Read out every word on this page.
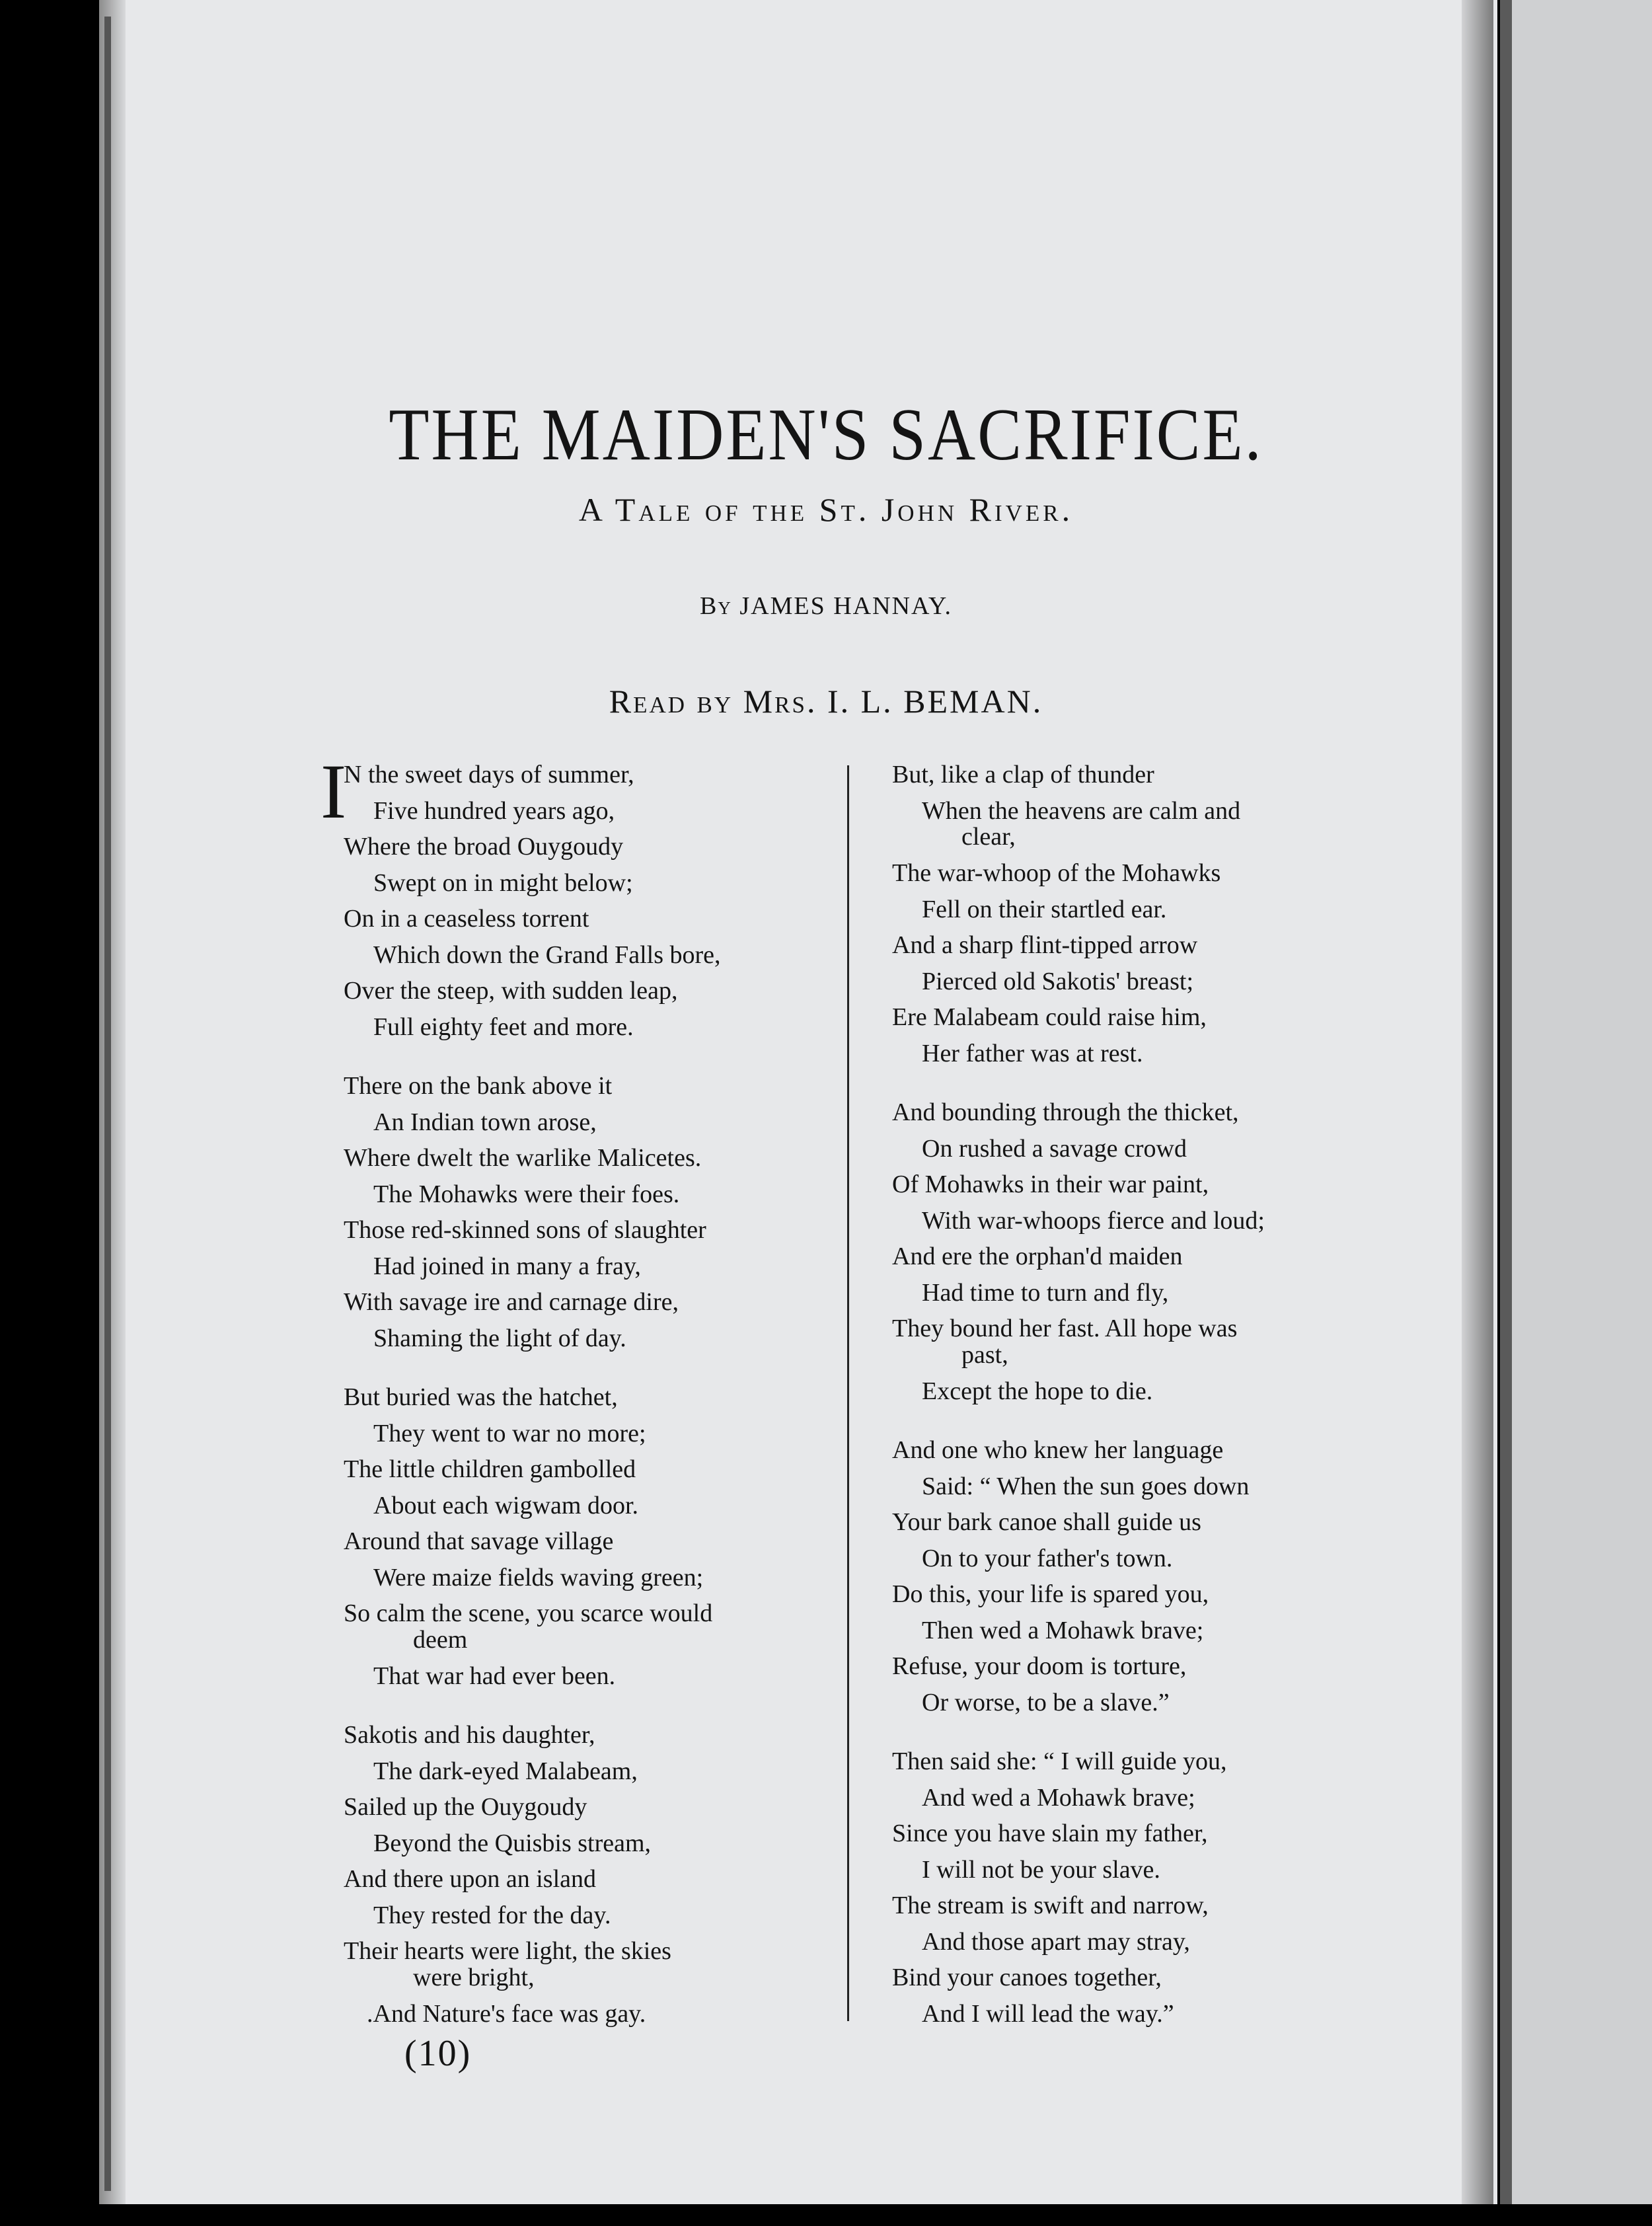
THE MAIDEN'S SACRIFICE.
A Tale of the St. John River.
By JAMES HANNAY.
Read by Mrs. I. L. BEMAN.
I
N the sweet days of summer,
Five hundred years ago,
Where the broad Ouygoudy
Swept on in might below;
On in a ceaseless torrent
Which down the Grand Falls bore,
Over the steep, with sudden leap,
Full eighty feet and more.
There on the bank above it
An Indian town arose,
Where dwelt the warlike Malicetes.
The Mohawks were their foes.
Those red-skinned sons of slaughter
Had joined in many a fray,
With savage ire and carnage dire,
Shaming the light of day.
But buried was the hatchet,
They went to war no more;
The little children gambolled
About each wigwam door.
Around that savage village
Were maize fields waving green;
So calm the scene, you scarce would
deem
That war had ever been.
Sakotis and his daughter,
The dark-eyed Malabeam,
Sailed up the Ouygoudy
Beyond the Quisbis stream,
And there upon an island
They rested for the day.
Their hearts were light, the skies
were bright,
.And Nature's face was gay.
But, like a clap of thunder
When the heavens are calm and
clear,
The war-whoop of the Mohawks
Fell on their startled ear.
And a sharp flint-tipped arrow
Pierced old Sakotis' breast;
Ere Malabeam could raise him,
Her father was at rest.
And bounding through the thicket,
On rushed a savage crowd
Of Mohawks in their war paint,
With war-whoops fierce and loud;
And ere the orphan'd maiden
Had time to turn and fly,
They bound her fast. All hope was
past,
Except the hope to die.
And one who knew her language
Said: “ When the sun goes down
Your bark canoe shall guide us
On to your father's town.
Do this, your life is spared you,
Then wed a Mohawk brave;
Refuse, your doom is torture,
Or worse, to be a slave.”
Then said she: “ I will guide you,
And wed a Mohawk brave;
Since you have slain my father,
I will not be your slave.
The stream is swift and narrow,
And those apart may stray,
Bind your canoes together,
And I will lead the way.”
(10)
